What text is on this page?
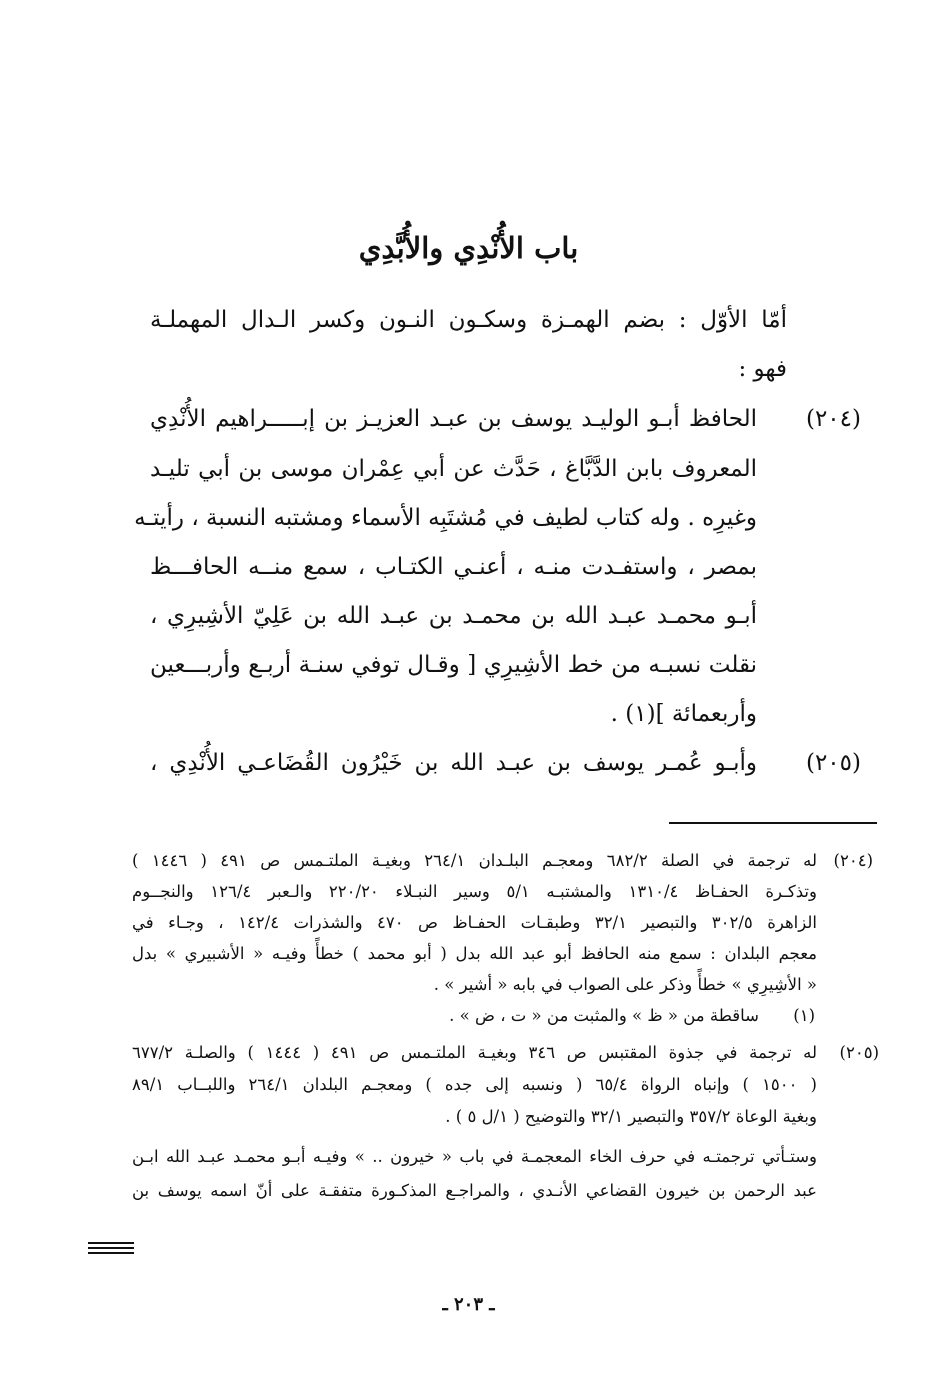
باب الأُنْدِي والأُبَّدِي
أمّا الأوّل : بضم الهمـزة وسكـون النـون وكسر الـدال المهملـة
فهو :
(٢٠٤)
الحافظ أبـو الوليـد يوسف بن عبـد العزيـز بن إبـــــراهيم الأُنْدِي
المعروف بابن الدَّبَّاغ ، حَدَّث عن أبي عِمْران موسى بن أبي تليـد
وغيرِه . وله كتاب لطيف في مُشتَبِه الأسماء ومشتبه النسبة ، رأيتـه
بمصر ، واستفـدت منـه ، أعنـي الكتـاب ، سمع منــه الحافـــظ
أبـو محمـد عبـد الله بن محمـد بن عبـد الله بن عَلِيّ الأشِيرِي ،
نقلت نسبـه من خط الأشِيرِي [ وقـال توفي سنـة أربـع وأربـــعين
وأربعمائة ](١) .
(٢٠٥)
وأبـو عُمـر يوسف بن عبـد الله بن خَيْرُون القُضَاعـي الأُنْدِي ،
(٢٠٤)
له ترجمة في الصلة ٦٨٢/٢ ومعجـم البلـدان ٢٦٤/١ وبغيـة الملتـمس ص ٤٩١ ( ١٤٤٦ )
وتذكـرة الحفـاظ ١٣١٠/٤ والمشتبـه ٥/١ وسير النبـلاء ٢٢٠/٢٠ والـعبر ١٢٦/٤ والنجــوم
الزاهرة ٣٠٢/٥ والتبصير ٣٢/١ وطبقـات الحفـاظ ص ٤٧٠ والشذرات ١٤٢/٤ ، وجـاء في
معجم البلدان : سمع منه الحافظ أبو عبد الله بدل ( أبو محمد ) خطأً وفيـه « الأشبيري » بدل
« الأشِيرِي » خطأً وذكر على الصواب في بابه « أشير » .
(١)
ساقطة من « ظ » والمثبت من « ت ، ض » .
(٢٠٥)
له ترجمة في جذوة المقتبس ص ٣٤٦ وبغيـة الملتـمس ص ٤٩١ ( ١٤٤٤ ) والصلـة ٦٧٧/٢
( ١٥٠٠ ) وإنباه الرواة ٦٥/٤ ( ونسبه إلى جده ) ومعجـم البلدان ٢٦٤/١ واللبــاب ٨٩/١
وبغية الوعاة ٣٥٧/٢ والتبصير ٣٢/١ والتوضيح ( ١/ل ٥ ) .
وستـأتي ترجمتـه في حرف الخاء المعجمـة في باب « خيرون .. » وفيـه أبـو محمـد عبـد الله ابـن
عبد الرحمن بن خيرون القضاعي الأنـدي ، والمراجـع المذكـورة متفقـة على أنّ اسمه يوسف بن
ـ ٢٠٣ ـ
